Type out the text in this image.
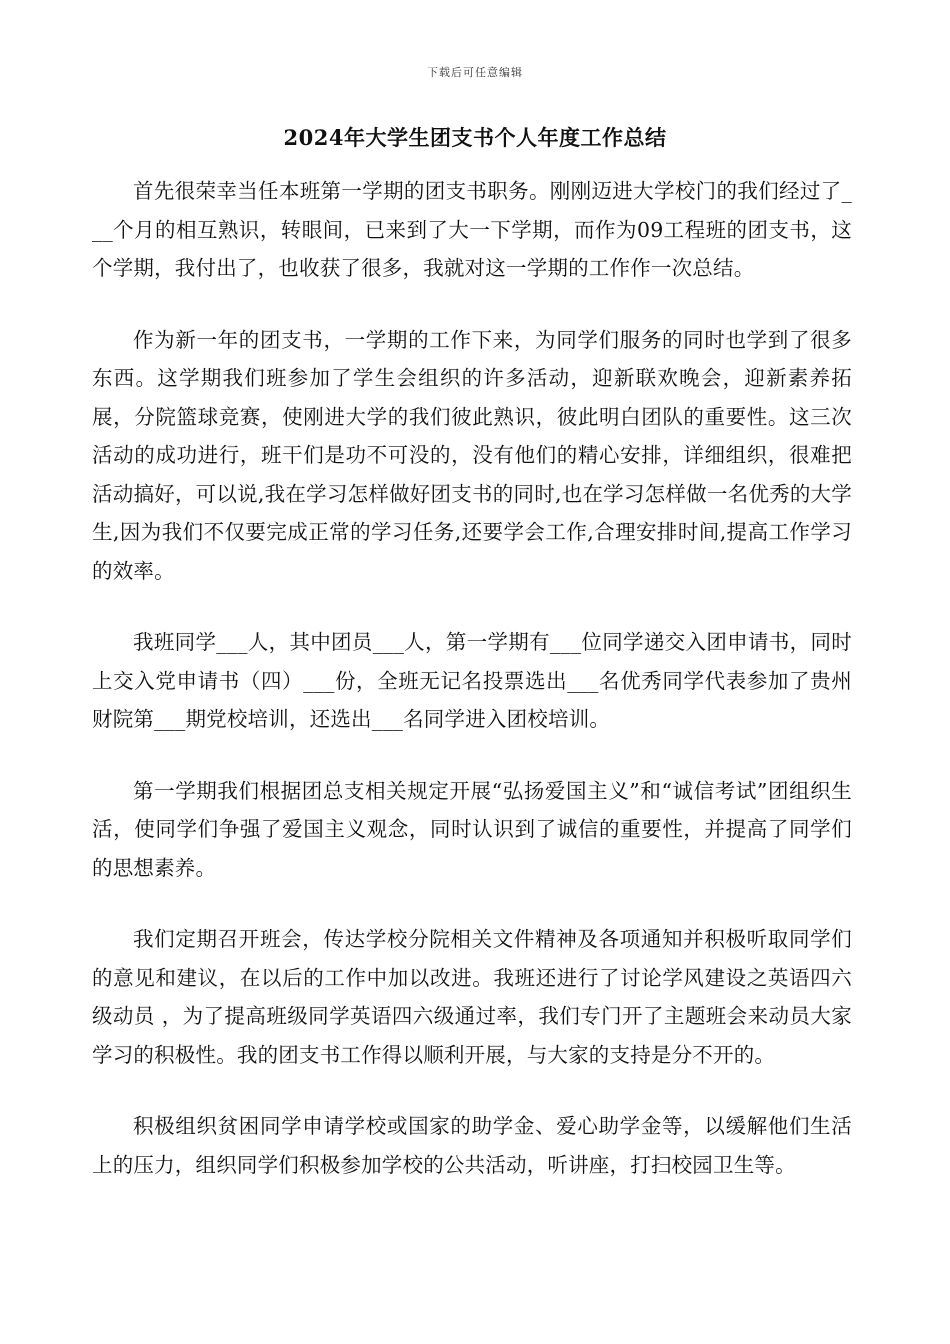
下载后可任意编辑
2024年大学生团支书个人年度工作总结

首先很荣幸当任本班第一学期的团支书职务。刚刚迈进大学校门的我们经过了___个月的相互熟识，转眼间，已来到了大一下学期，而作为09工程班的团支书，这个学期，我付出了，也收获了很多，我就对这一学期的工作作一次总结。

作为新一年的团支书，一学期的工作下来，为同学们服务的同时也学到了很多东西。这学期我们班参加了学生会组织的许多活动，迎新联欢晚会，迎新素养拓展，分院篮球竞赛，使刚进大学的我们彼此熟识，彼此明白团队的重要性。这三次活动的成功进行，班干们是功不可没的，没有他们的精心安排，详细组织，很难把活动搞好，可以说,我在学习怎样做好团支书的同时,也在学习怎样做一名优秀的大学生,因为我们不仅要完成正常的学习任务,还要学会工作,合理安排时间,提高工作学习的效率。

我班同学___人，其中团员___人，第一学期有___位同学递交入团申请书，同时上交入党申请书（四）___份，全班无记名投票选出___名优秀同学代表参加了贵州财院第___期党校培训，还选出___名同学进入团校培训。

第一学期我们根据团总支相关规定开展“弘扬爱国主义”和“诚信考试”团组织生活，使同学们争强了爱国主义观念，同时认识到了诚信的重要性，并提高了同学们的思想素养。

我们定期召开班会，传达学校分院相关文件精神及各项通知并积极听取同学们的意见和建议，在以后的工作中加以改进。我班还进行了讨论学风建设之英语四六级动员 ，为了提高班级同学英语四六级通过率，我们专门开了主题班会来动员大家学习的积极性。我的团支书工作得以顺利开展，与大家的支持是分不开的。

积极组织贫困同学申请学校或国家的助学金、爱心助学金等，以缓解他们生活上的压力，组织同学们积极参加学校的公共活动，听讲座，打扫校园卫生等。
